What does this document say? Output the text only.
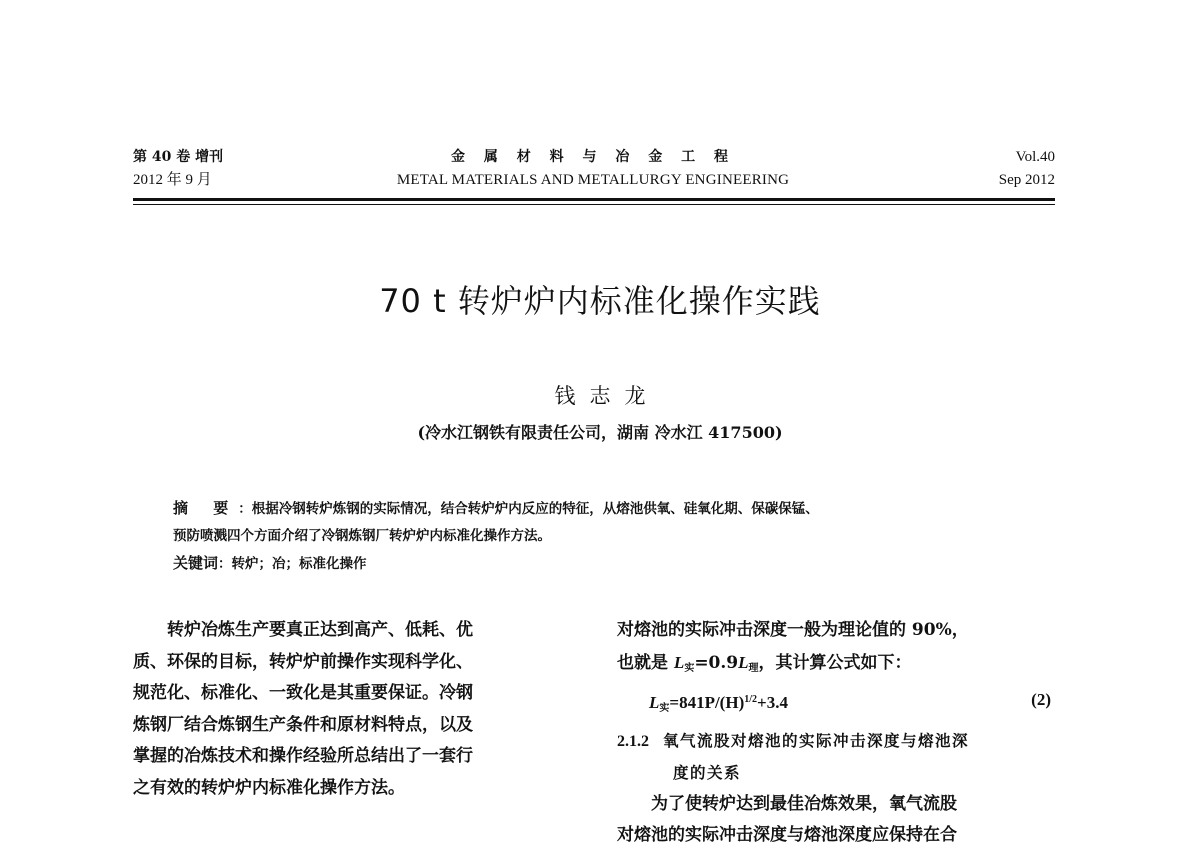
第 40 卷 增刊
2012 年 9 月
金 属 材 料 与 冶 金 工 程
METAL MATERIALS AND METALLURGY ENGINEERING
Vol.40
Sep 2012
70 t 转炉炉内标准化操作实践
钱志龙
(冷水江钢铁有限责任公司，湖南 冷水江 417500)
摘 要：根据冷钢转炉炼钢的实际情况，结合转炉炉内反应的特征，从熔池供氧、硅氧化期、保碳保锰、
预防喷溅四个方面介绍了冷钢炼钢厂转炉炉内标准化操作方法。
关键词：转炉；冶；标准化操作
转炉冶炼生产要真正达到高产、低耗、优
质、环保的目标，转炉炉前操作实现科学化、
规范化、标准化、一致化是其重要保证。冷钢
炼钢厂结合炼钢生产条件和原材料特点，以及
掌握的冶炼技术和操作经验所总结出了一套行
之有效的转炉炉内标准化操作方法。
对熔池的实际冲击深度一般为理论值的 90%，
也就是 $L_实=0.9L_理$，其计算公式如下：
$L_实=841P/(H)^{1/2}+3.4$	(2)
2.1.2 氧气流股对熔池的实际冲击深度与熔池深
度的关系
为了使转炉达到最佳冶炼效果，氧气流股
对熔池的实际冲击深度与熔池深度应保持在合
